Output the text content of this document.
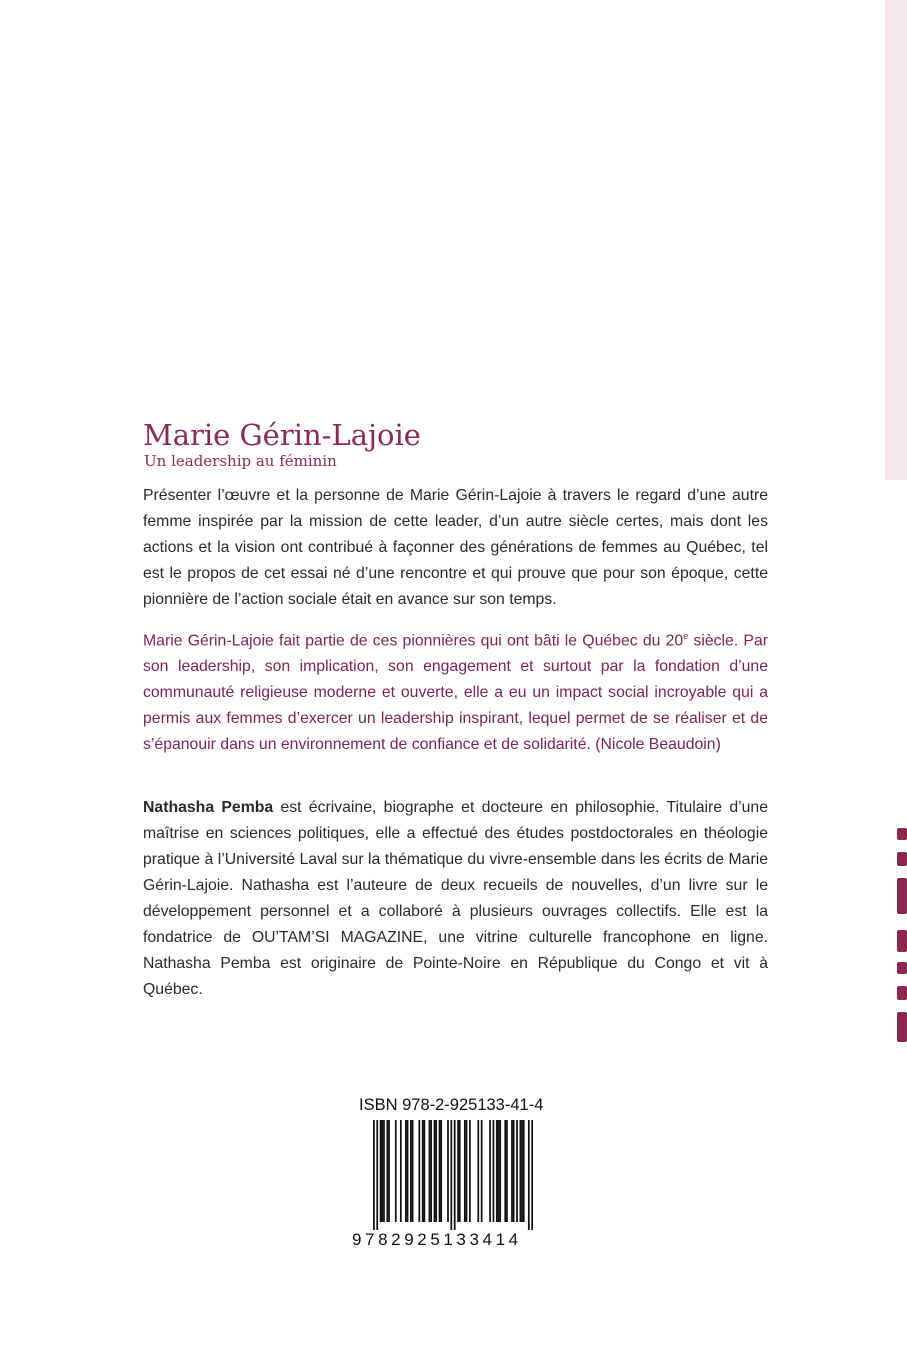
Marie Gérin-Lajoie

Un leadership au féminin

Présenter l’œuvre et la personne de Marie Gérin-Lajoie à travers le regard d’une autre femme inspirée par la mission de cette leader, d’un autre siècle certes, mais dont les actions et la vision ont contribué à façonner des générations de femmes au Québec, tel est le propos de cet essai né d’une rencontre et qui prouve que pour son époque, cette pionnière de l’action sociale était en avance sur son temps.

Marie Gérin-Lajoie fait partie de ces pionnières qui ont bâti le Québec du 20e siècle. Par son leadership, son implication, son engagement et surtout par la fondation d’une communauté religieuse moderne et ouverte, elle a eu un impact social incroyable qui a permis aux femmes d’exercer un leadership inspirant, lequel permet de se réaliser et de s’épanouir dans un environnement de confiance et de solidarité. (Nicole Beaudoin)

Nathasha Pemba est écrivaine, biographe et docteure en philosophie. Titulaire d’une maîtrise en sciences politiques, elle a effectué des études postdoctorales en théologie pratique à l’Université Laval sur la thématique du vivre-ensemble dans les écrits de Marie Gérin-Lajoie. Nathasha est l’auteure de deux recueils de nouvelles, d’un livre sur le développement personnel et a collaboré à plusieurs ouvrages collectifs. Elle est la fondatrice de OU’TAM’SI MAGAZINE, une vitrine culturelle francophone en ligne. Nathasha Pemba est originaire de Pointe-Noire en République du Congo et vit à Québec.

ISBN 978-2-925133-41-4
9782925133414
